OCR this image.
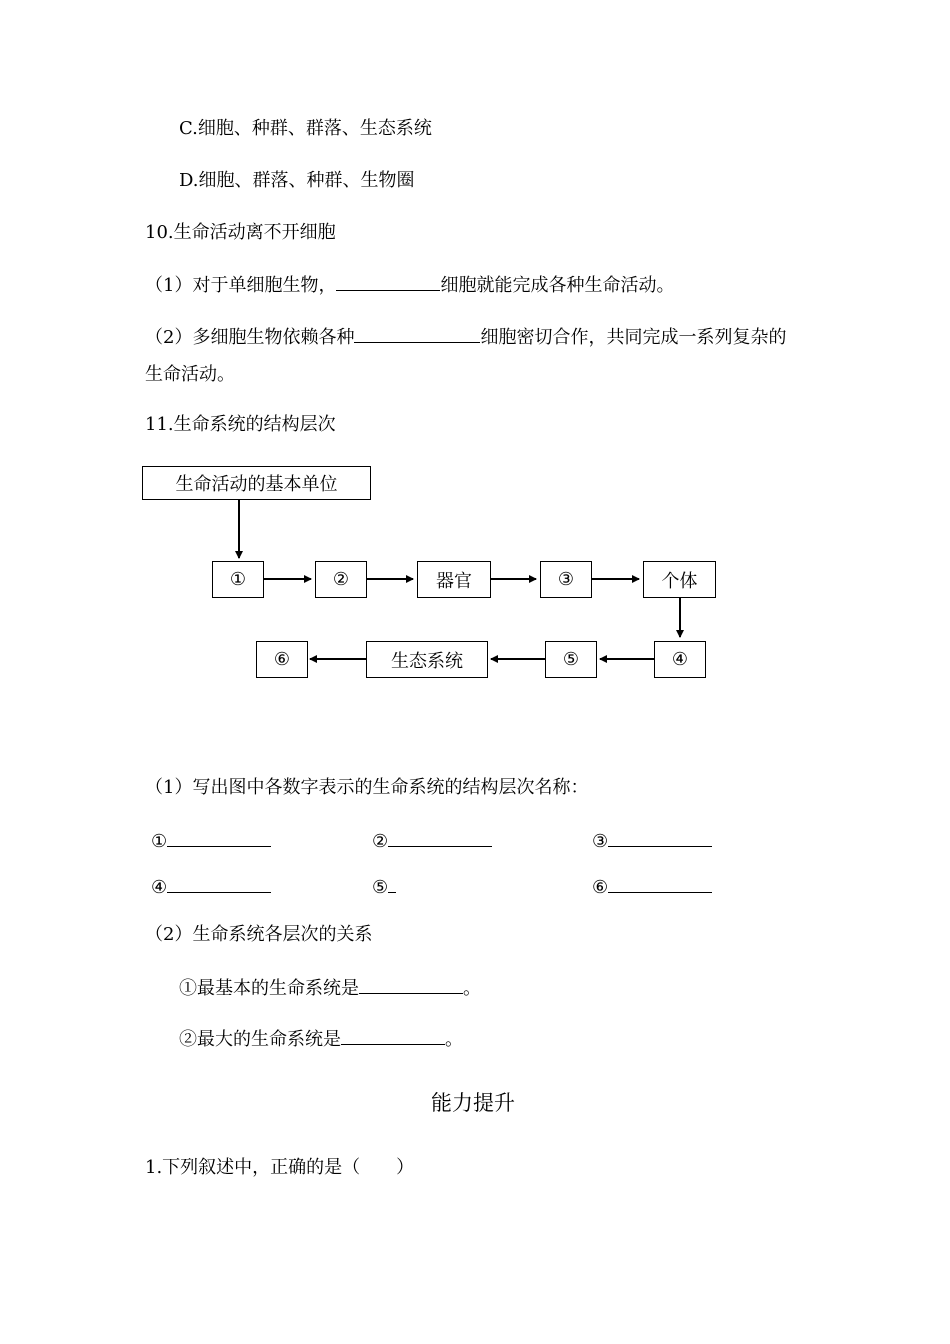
C.细胞、种群、群落、生态系统
D.细胞、群落、种群、生物圈
10.生命活动离不开细胞
（1）对于单细胞生物，	细胞就能完成各种生命活动。
（2）多细胞生物依赖各种	细胞密切合作，共同完成一系列复杂的
生命活动。
11.生命系统的结构层次
生命活动的基本单位
①	②	器官	③	个体
⑥	生态系统	⑤	④
（1）写出图中各数字表示的生命系统的结构层次名称：
①	②	③
④	⑤	⑥
（2）生命系统各层次的关系
①最基本的生命系统是	。
②最大的生命系统是	。
能力提升
1.下列叙述中，正确的是（　　）
